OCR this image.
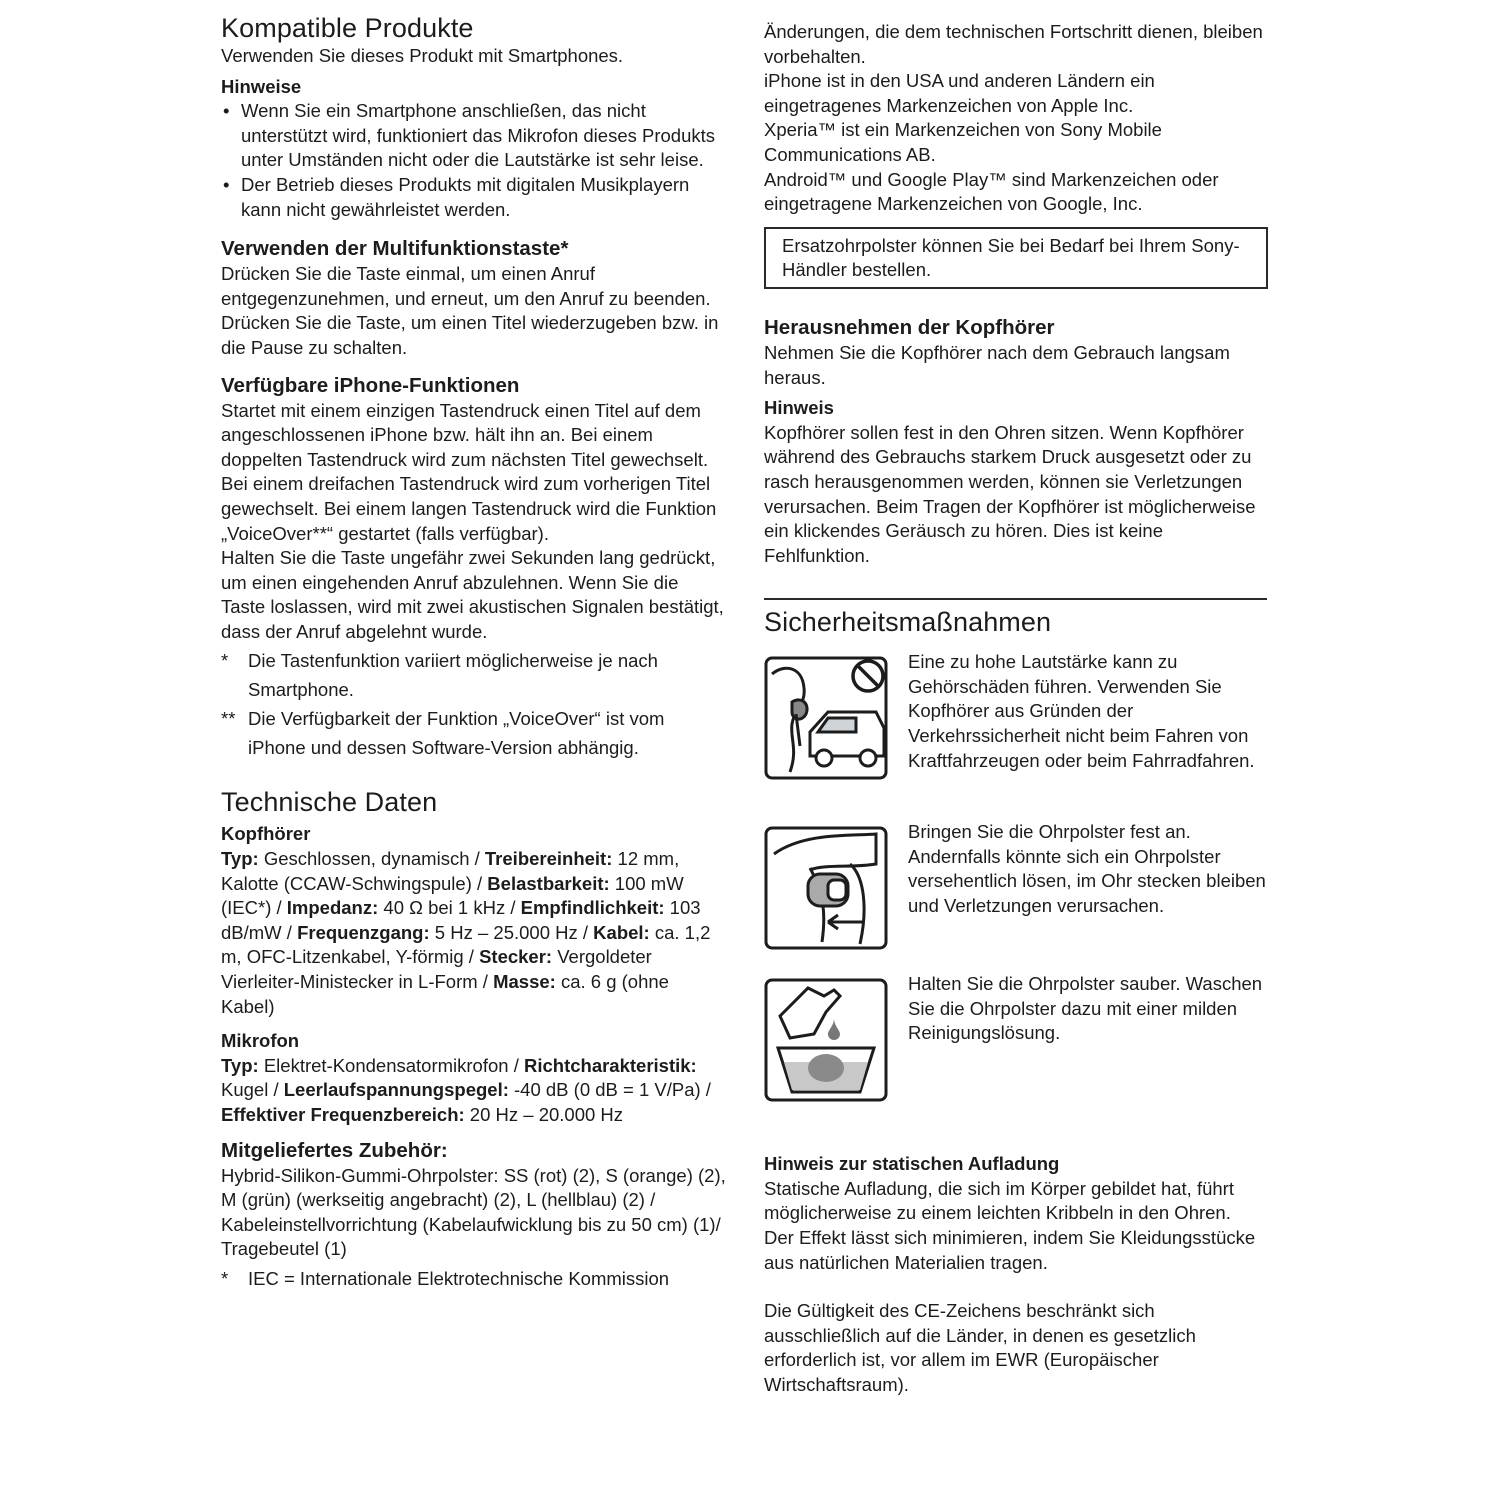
Kompatible Produkte

Verwenden Sie dieses Produkt mit Smartphones.

Hinweise
• Wenn Sie ein Smartphone anschließen, das nicht unterstützt wird, funktioniert das Mikrofon dieses Produkts unter Umständen nicht oder die Lautstärke ist sehr leise.
• Der Betrieb dieses Produkts mit digitalen Musikplayern kann nicht gewährleistet werden.
Verwenden der Multifunktionstaste*

Drücken Sie die Taste einmal, um einen Anruf entgegenzunehmen, und erneut, um den Anruf zu beenden. Drücken Sie die Taste, um einen Titel wiederzugeben bzw. in die Pause zu schalten.

Verfügbare iPhone-Funktionen

Startet mit einem einzigen Tastendruck einen Titel auf dem angeschlossenen iPhone bzw. hält ihn an. Bei einem doppelten Tastendruck wird zum nächsten Titel gewechselt. Bei einem dreifachen Tastendruck wird zum vorherigen Titel gewechselt. Bei einem langen Tastendruck wird die Funktion „VoiceOver**“ gestartet (falls verfügbar).

Halten Sie die Taste ungefähr zwei Sekunden lang gedrückt, um einen eingehenden Anruf abzulehnen. Wenn Sie die Taste loslassen, wird mit zwei akustischen Signalen bestätigt, dass der Anruf abgelehnt wurde.

*	Die Tastenfunktion variiert möglicherweise je nach Smartphone.
** Die Verfügbarkeit der Funktion „VoiceOver“ ist vom iPhone und dessen Software-Version abhängig.
Technische Daten
Kopfhörer

Typ: Geschlossen, dynamisch / Treibereinheit: 12 mm, Kalotte (CCAW-Schwingspule) / Belastbarkeit: 100 mW (IEC*) / Impedanz: 40 Ω bei 1 kHz / Empfindlichkeit: 103 dB/mW / Frequenzgang: 5 Hz – 25.000 Hz / Kabel: ca. 1,2 m, OFC-Litzenkabel, Y-förmig / Stecker: Vergoldeter Vierleiter-Ministecker in L-Form / Masse: ca. 6 g (ohne Kabel)

Mikrofon

Typ: Elektret-Kondensatormikrofon / Richtcharakteristik: Kugel / Leerlaufspannungspegel: -40 dB (0 dB = 1 V/Pa) / Effektiver Frequenzbereich: 20 Hz – 20.000 Hz

Mitgeliefertes Zubehör:

Hybrid-Silikon-Gummi-Ohrpolster: SS (rot) (2), S (orange) (2), M (grün) (werkseitig angebracht) (2), L (hellblau) (2) / Kabeleinstellvorrichtung (Kabelaufwicklung bis zu 50 cm) (1)/ Tragebeutel (1)

*	IEC = Internationale Elektrotechnische Kommission

Änderungen, die dem technischen Fortschritt dienen, bleiben vorbehalten.

iPhone ist in den USA und anderen Ländern ein eingetragenes Markenzeichen von Apple Inc.

Xperia™ ist ein Markenzeichen von Sony Mobile Communications AB.

Android™ und Google Play™ sind Markenzeichen oder eingetragene Markenzeichen von Google, Inc.

Ersatzohrpolster können Sie bei Bedarf bei Ihrem Sony-Händler bestellen.
Herausnehmen der Kopfhörer

Nehmen Sie die Kopfhörer nach dem Gebrauch langsam heraus.

Hinweis

Kopfhörer sollen fest in den Ohren sitzen. Wenn Kopfhörer während des Gebrauchs starkem Druck ausgesetzt oder zu rasch herausgenommen werden, können sie Verletzungen verursachen. Beim Tragen der Kopfhörer ist möglicherweise ein klickendes Geräusch zu hören. Dies ist keine Fehlfunktion.

Sicherheitsmaßnahmen

Eine zu hohe Lautstärke kann zu Gehörschäden führen. Verwenden Sie Kopfhörer aus Gründen der Verkehrssicherheit nicht beim Fahren von Kraftfahrzeugen oder beim Fahrradfahren.

Bringen Sie die Ohrpolster fest an. Andernfalls könnte sich ein Ohrpolster versehentlich lösen, im Ohr stecken bleiben und Verletzungen verursachen.

Halten Sie die Ohrpolster sauber. Waschen Sie die Ohrpolster dazu mit einer milden Reinigungslösung.

Hinweis zur statischen Aufladung

Statische Aufladung, die sich im Körper gebildet hat, führt möglicherweise zu einem leichten Kribbeln in den Ohren.

Der Effekt lässt sich minimieren, indem Sie Kleidungsstücke aus natürlichen Materialien tragen.

Die Gültigkeit des CE-Zeichens beschränkt sich ausschließlich auf die Länder, in denen es gesetzlich erforderlich ist, vor allem im EWR (Europäischer Wirtschaftsraum).
